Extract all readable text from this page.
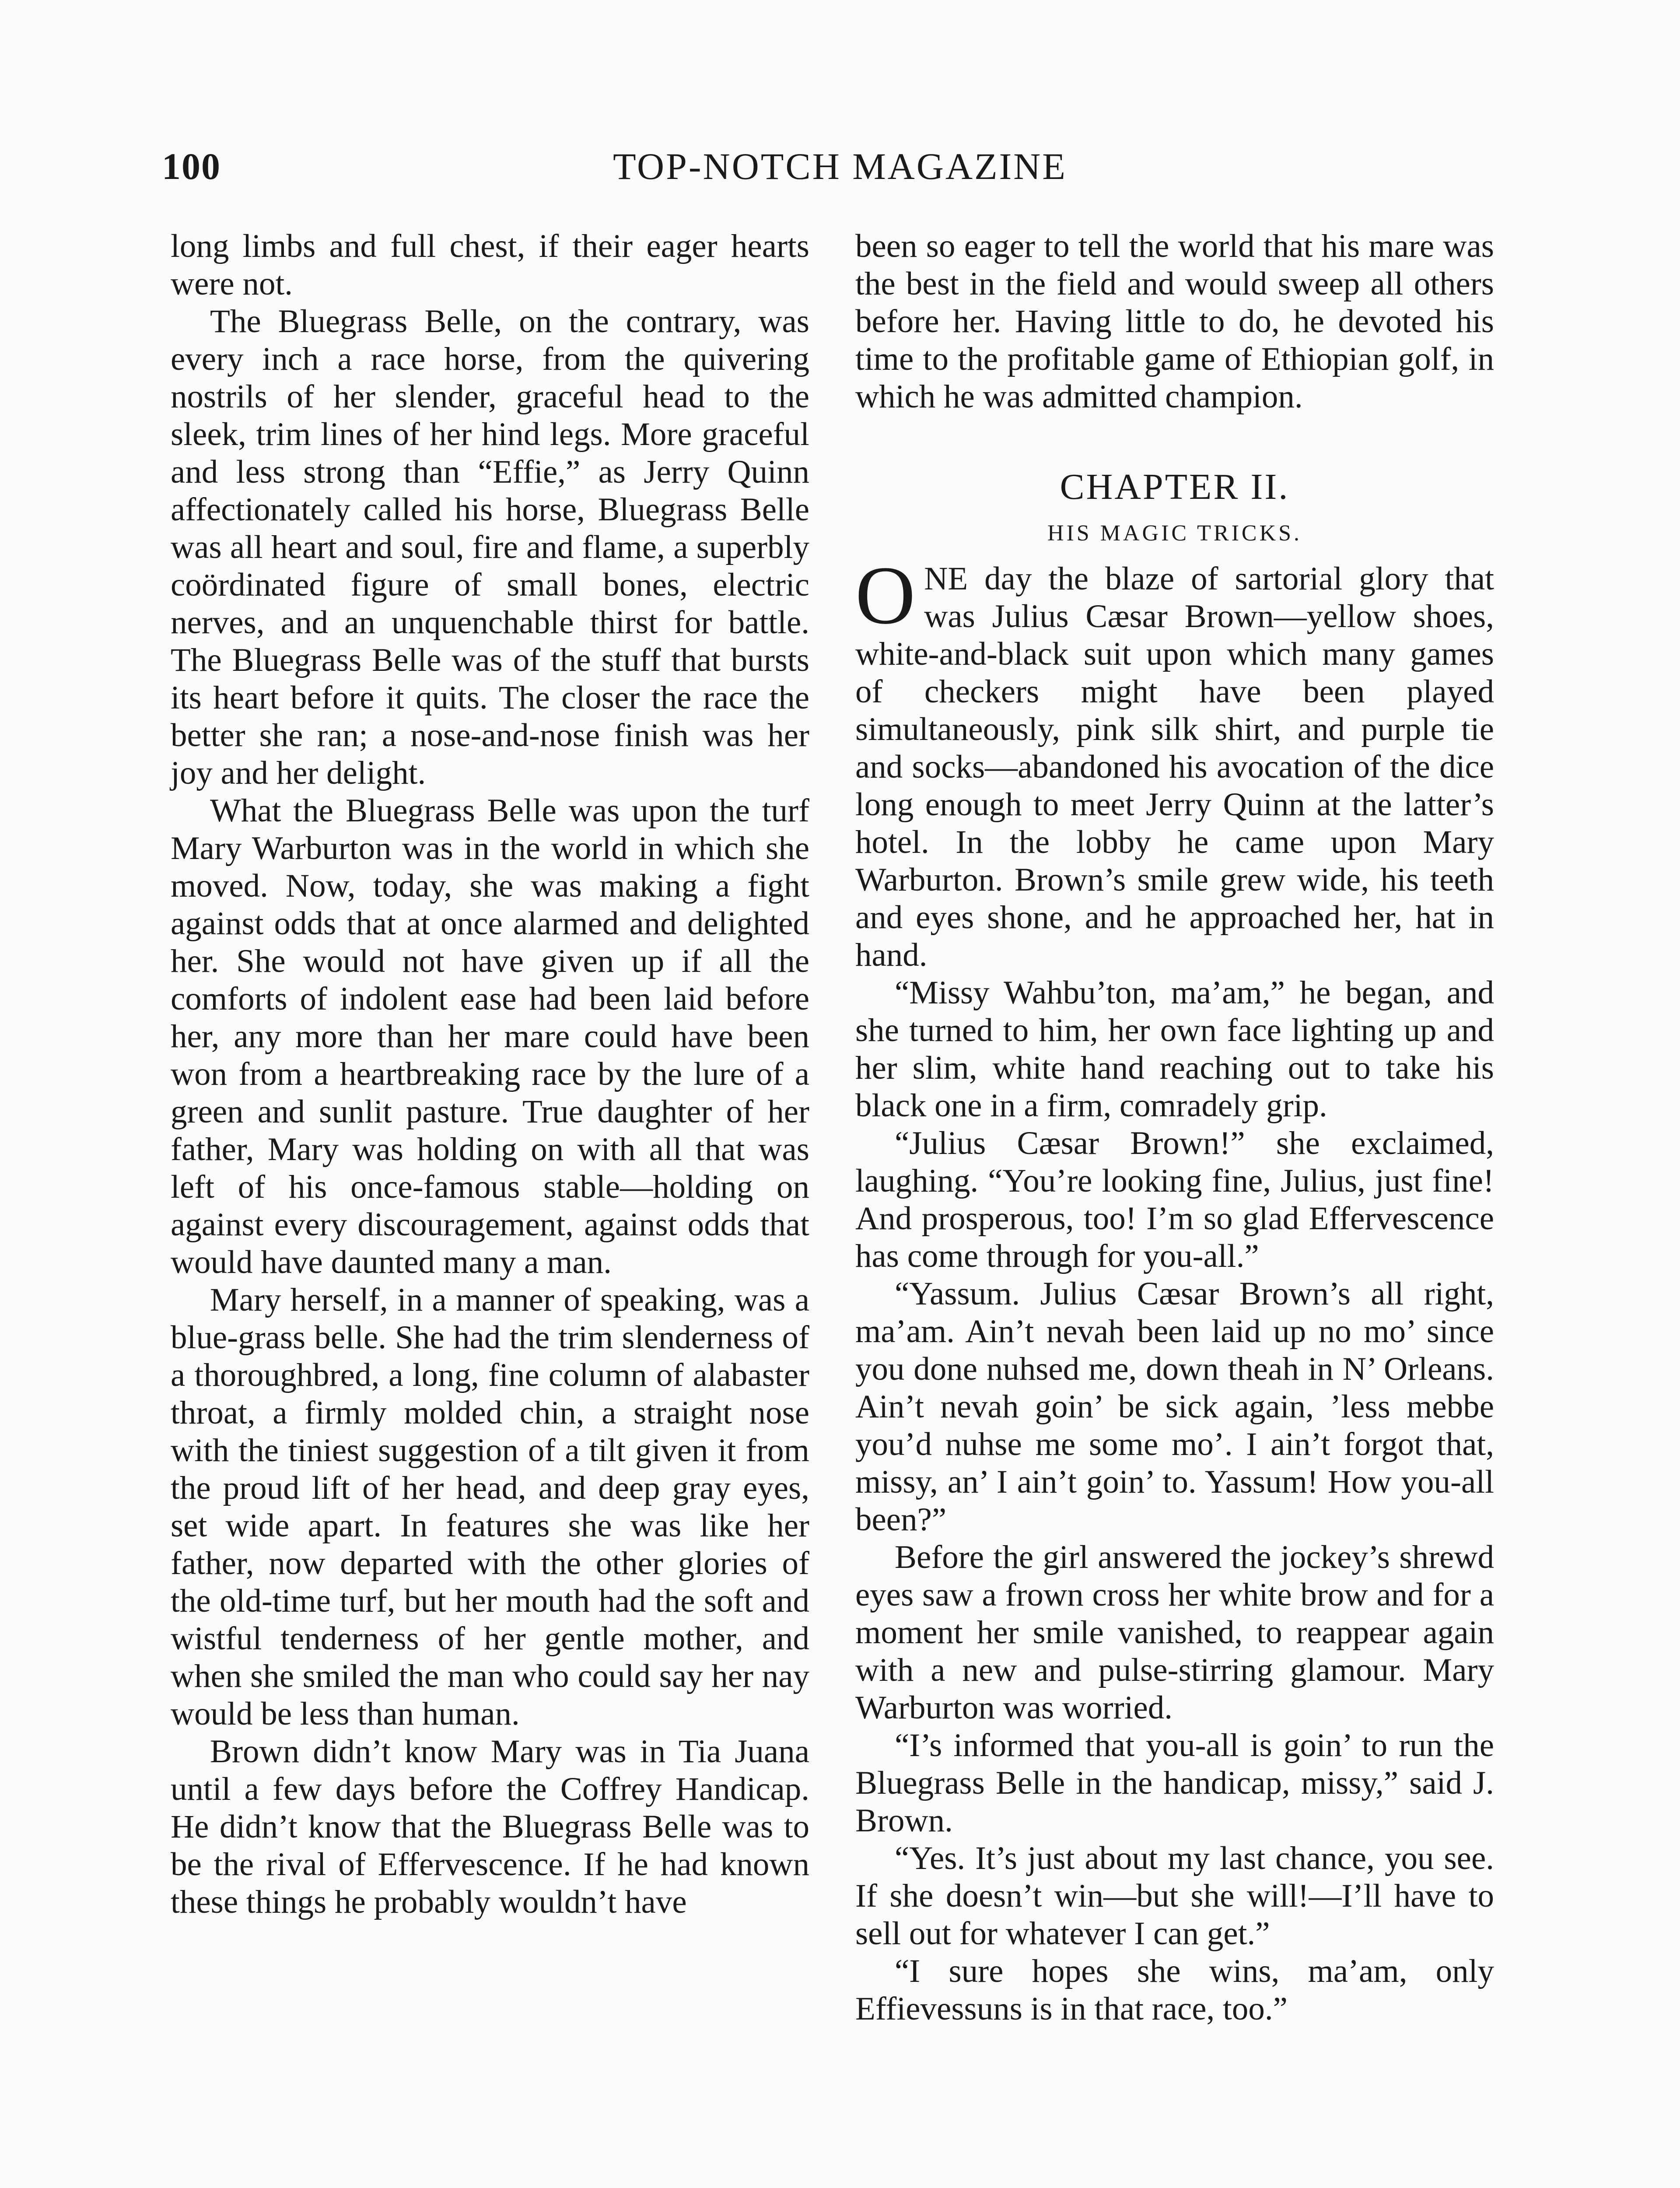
100	TOP-NOTCH MAGAZINE

long limbs and full chest, if their eager hearts were not.

The Bluegrass Belle, on the contrary, was every inch a race horse, from the quivering nostrils of her slender, graceful head to the sleek, trim lines of her hind legs. More graceful and less strong than “Effie,” as Jerry Quinn affectionately called his horse, Bluegrass Belle was all heart and soul, fire and flame, a superbly coördinated figure of small bones, electric nerves, and an unquenchable thirst for battle. The Bluegrass Belle was of the stuff that bursts its heart before it quits. The closer the race the better she ran; a nose-and-nose finish was her joy and her delight.

What the Bluegrass Belle was upon the turf Mary Warburton was in the world in which she moved. Now, today, she was making a fight against odds that at once alarmed and delighted her. She would not have given up if all the comforts of indolent ease had been laid before her, any more than her mare could have been won from a heartbreaking race by the lure of a green and sunlit pasture. True daughter of her father, Mary was holding on with all that was left of his once-famous stable—holding on against every discouragement, against odds that would have daunted many a man.

Mary herself, in a manner of speaking, was a blue-grass belle. She had the trim slenderness of a thoroughbred, a long, fine column of alabaster throat, a firmly molded chin, a straight nose with the tiniest suggestion of a tilt given it from the proud lift of her head, and deep gray eyes, set wide apart. In features she was like her father, now departed with the other glories of the old-time turf, but her mouth had the soft and wistful tenderness of her gentle mother, and when she smiled the man who could say her nay would be less than human.

Brown didn’t know Mary was in Tia Juana until a few days before the Coffrey Handicap. He didn’t know that the Bluegrass Belle was to be the rival of Effervescence. If he had known these things he probably wouldn’t have

been so eager to tell the world that his mare was the best in the field and would sweep all others before her. Having little to do, he devoted his time to the profitable game of Ethiopian golf, in which he was admitted champion.

CHAPTER II.
HIS MAGIC TRICKS.

ONE day the blaze of sartorial glory that was Julius Cæsar Brown—yellow shoes, white-and-black suit upon which many games of checkers might have been played simultaneously, pink silk shirt, and purple tie and socks—abandoned his avocation of the dice long enough to meet Jerry Quinn at the latter’s hotel. In the lobby he came upon Mary Warburton. Brown’s smile grew wide, his teeth and eyes shone, and he approached her, hat in hand.

“Missy Wahbu’ton, ma’am,” he began, and she turned to him, her own face lighting up and her slim, white hand reaching out to take his black one in a firm, comradely grip.

“Julius Cæsar Brown!” she exclaimed, laughing. “You’re looking fine, Julius, just fine! And prosperous, too! I’m so glad Effervescence has come through for you-all.”

“Yassum. Julius Cæsar Brown’s all right, ma’am. Ain’t nevah been laid up no mo’ since you done nuhsed me, down theah in N’ Orleans. Ain’t nevah goin’ be sick again, ’less mebbe you’d nuhse me some mo’. I ain’t forgot that, missy, an’ I ain’t goin’ to. Yassum! How you-all been?”

Before the girl answered the jockey’s shrewd eyes saw a frown cross her white brow and for a moment her smile vanished, to reappear again with a new and pulse-stirring glamour. Mary Warburton was worried.

“I’s informed that you-all is goin’ to run the Bluegrass Belle in the handicap, missy,” said J. Brown.

“Yes. It’s just about my last chance, you see. If she doesn’t win—but she will!—I’ll have to sell out for whatever I can get.”

“I sure hopes she wins, ma’am, only Effievessuns is in that race, too.”
